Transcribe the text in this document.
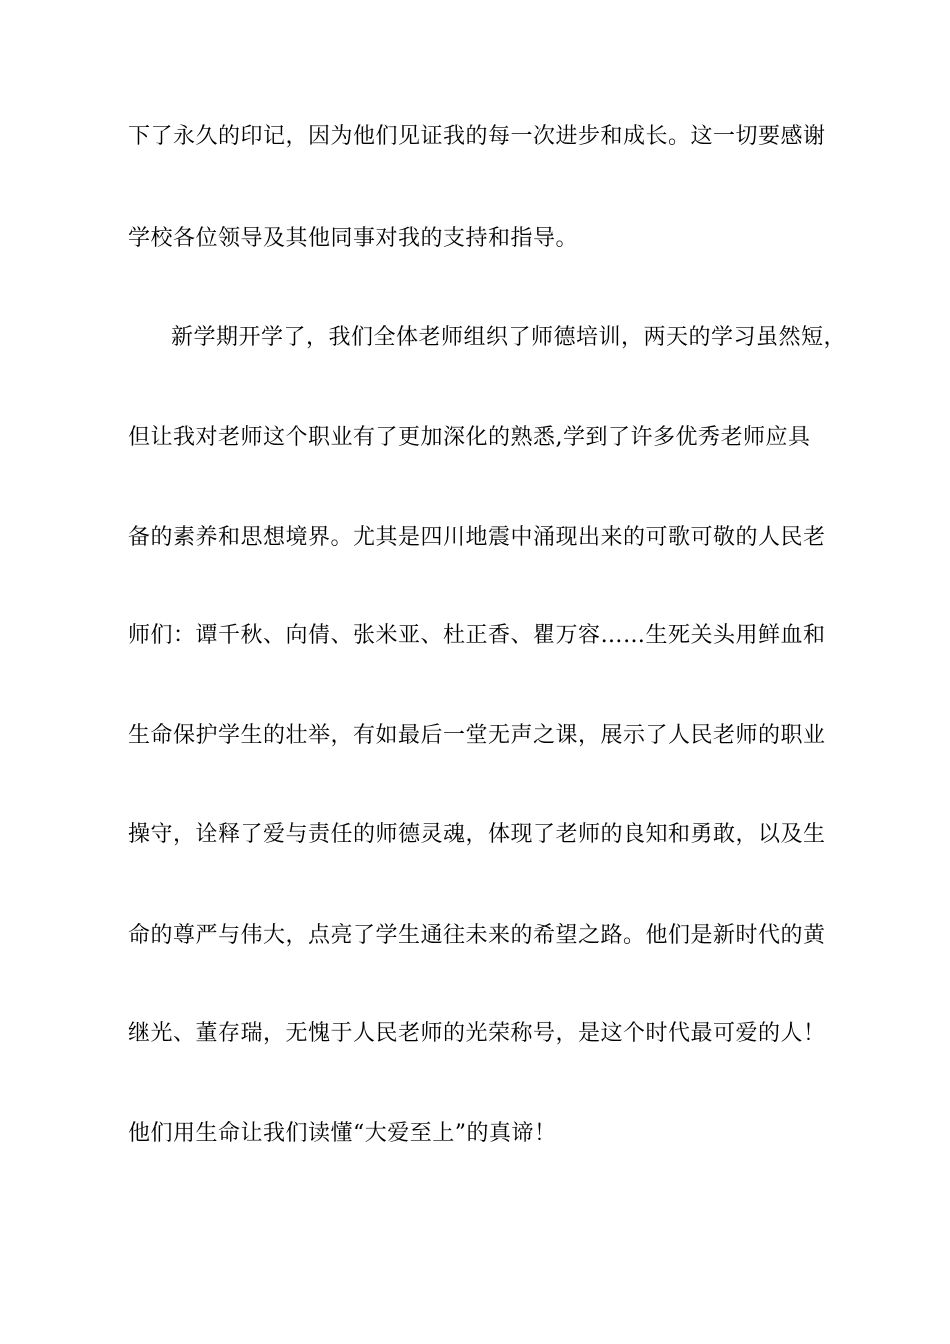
下了永久的印记，因为他们见证我的每一次进步和成长。这一切要感谢
学校各位领导及其他同事对我的支持和指导。
新学期开学了，我们全体老师组织了师德培训，两天的学习虽然短，
但让我对老师这个职业有了更加深化的熟悉,学到了许多优秀老师应具
备的素养和思想境界。尤其是四川地震中涌现出来的可歌可敬的人民老
师们：谭千秋、向倩、张米亚、杜正香、瞿万容……生死关头用鲜血和
生命保护学生的壮举，有如最后一堂无声之课，展示了人民老师的职业
操守，诠释了爱与责任的师德灵魂，体现了老师的良知和勇敢，以及生
命的尊严与伟大，点亮了学生通往未来的希望之路。他们是新时代的黄
继光、董存瑞，无愧于人民老师的光荣称号，是这个时代最可爱的人！
他们用生命让我们读懂“大爱至上”的真谛！
